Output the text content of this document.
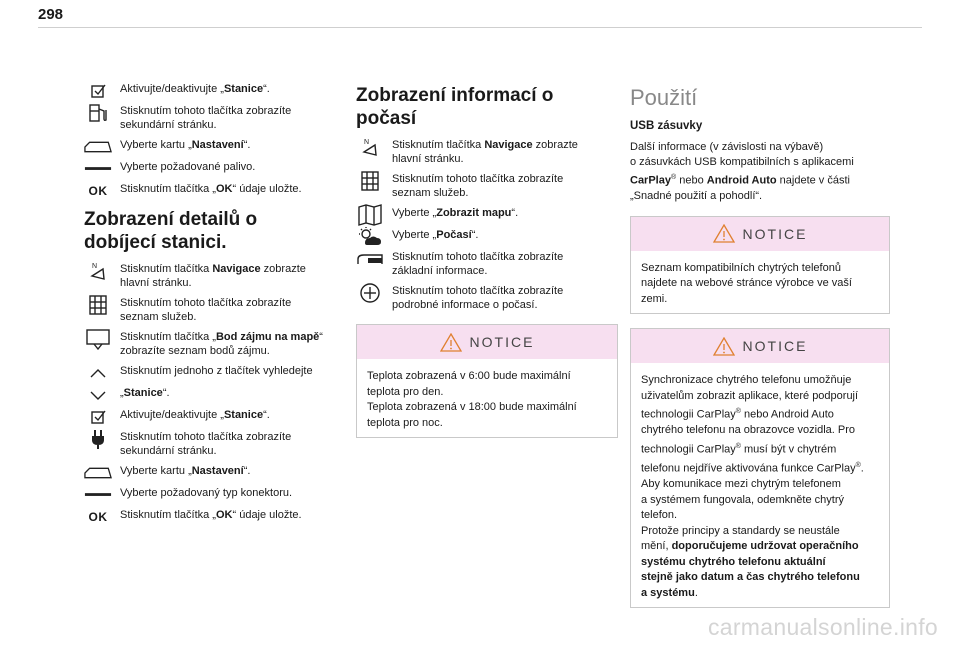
298
Aktivujte/deaktivujte „Stanice“.
Stisknutím tohoto tlačítka zobrazíte
sekundární stránku.
Vyberte kartu „Nastavení“.
Vyberte požadované palivo.
OK Stisknutím tlačítka „OK“ údaje uložte.
Zobrazení detailů o dobíjecí stanici.
N Stisknutím tlačítka Navigace zobrazte
hlavní stránku.
Stisknutím tohoto tlačítka zobrazíte
seznam služeb.
Stisknutím tlačítka „Bod zájmu na mapě“
zobrazíte seznam bodů zájmu.
Stisknutím jednoho z tlačítek vyhledejte
„Stanice“.
Aktivujte/deaktivujte „Stanice“.
Stisknutím tohoto tlačítka zobrazíte
sekundární stránku.
Vyberte kartu „Nastavení“.
Vyberte požadovaný typ konektoru.
OK Stisknutím tlačítka „OK“ údaje uložte.
Zobrazení informací o počasí
N Stisknutím tlačítka Navigace zobrazte
hlavní stránku.
Stisknutím tohoto tlačítka zobrazíte
seznam služeb.
Vyberte „Zobrazit mapu“.
Vyberte „Počasí“.
Stisknutím tohoto tlačítka zobrazíte
základní informace.
Stisknutím tohoto tlačítka zobrazíte
podrobné informace o počasí.
NOTICE
Teplota zobrazená v 6:00 bude maximální
teplota pro den.
Teplota zobrazená v 18:00 bude maximální
teplota pro noc.
Použití
USB zásuvky

Další informace (v závislosti na výbavě)
o zásuvkách USB kompatibilních s aplikacemi
CarPlay® nebo Android Auto najdete v části
„Snadné použití a pohodlí“.

NOTICE
Seznam kompatibilních chytrých telefonů
najdete na webové stránce výrobce ve vaší
zemi.
NOTICE
Synchronizace chytrého telefonu umožňuje
uživatelům zobrazit aplikace, které podporují
technologii CarPlay® nebo Android Auto
chytrého telefonu na obrazovce vozidla. Pro
technologii CarPlay® musí být v chytrém
telefonu nejdříve aktivována funkce CarPlay®.
Aby komunikace mezi chytrým telefonem
a systémem fungovala, odemkněte chytrý
telefon.
Protože principy a standardy se neustále
mění, doporučujeme udržovat operačního
systému chytrého telefonu aktuální
stejně jako datum a čas chytrého telefonu
a systému.
carmanualsonline.info
